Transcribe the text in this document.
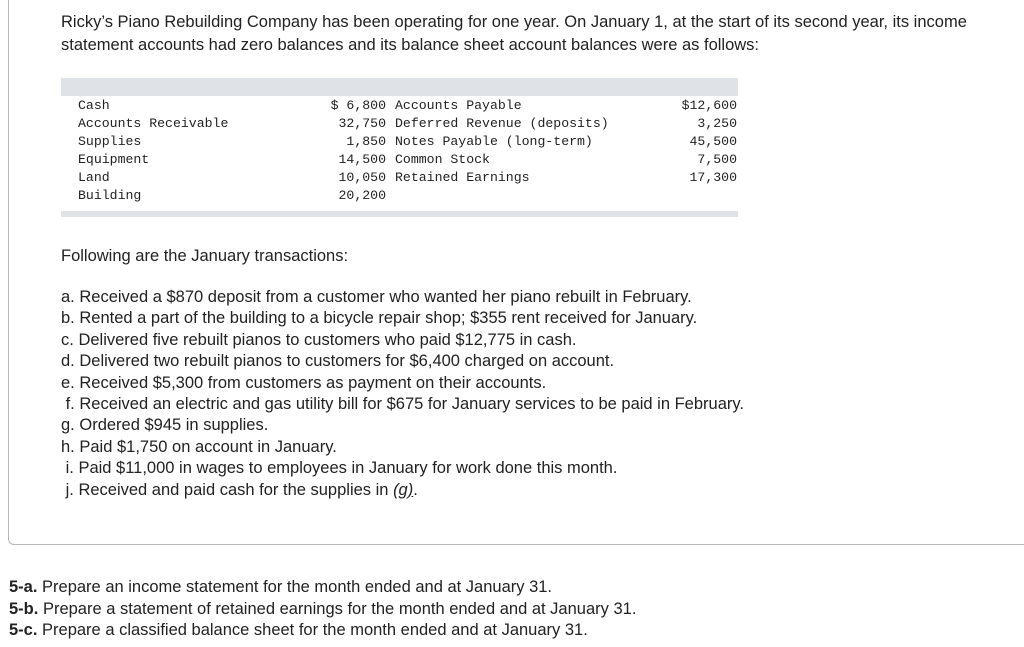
Ricky’s Piano Rebuilding Company has been operating for one year. On January 1, at the start of its second year, its income statement accounts had zero balances and its balance sheet account balances were as follows:

Cash
Accounts Receivable
Supplies
Equipment
Land
Building
$ 6,800
32,750
1,850
14,500
10,050
20,200
Accounts Payable
Deferred Revenue (deposits)
Notes Payable (long-term)
Common Stock
Retained Earnings
$12,600
3,250
45,500
7,500
17,300

Following are the January transactions:

a. Received a $870 deposit from a customer who wanted her piano rebuilt in February.
b. Rented a part of the building to a bicycle repair shop; $355 rent received for January.
c. Delivered five rebuilt pianos to customers who paid $12,775 in cash.
d. Delivered two rebuilt pianos to customers for $6,400 charged on account.
e. Received $5,300 from customers as payment on their accounts.
f. Received an electric and gas utility bill for $675 for January services to be paid in February.
g. Ordered $945 in supplies.
h. Paid $1,750 on account in January.
i. Paid $11,000 in wages to employees in January for work done this month.
j. Received and paid cash for the supplies in (g).
5-a. Prepare an income statement for the month ended and at January 31.
5-b. Prepare a statement of retained earnings for the month ended and at January 31.
5-c. Prepare a classified balance sheet for the month ended and at January 31.
